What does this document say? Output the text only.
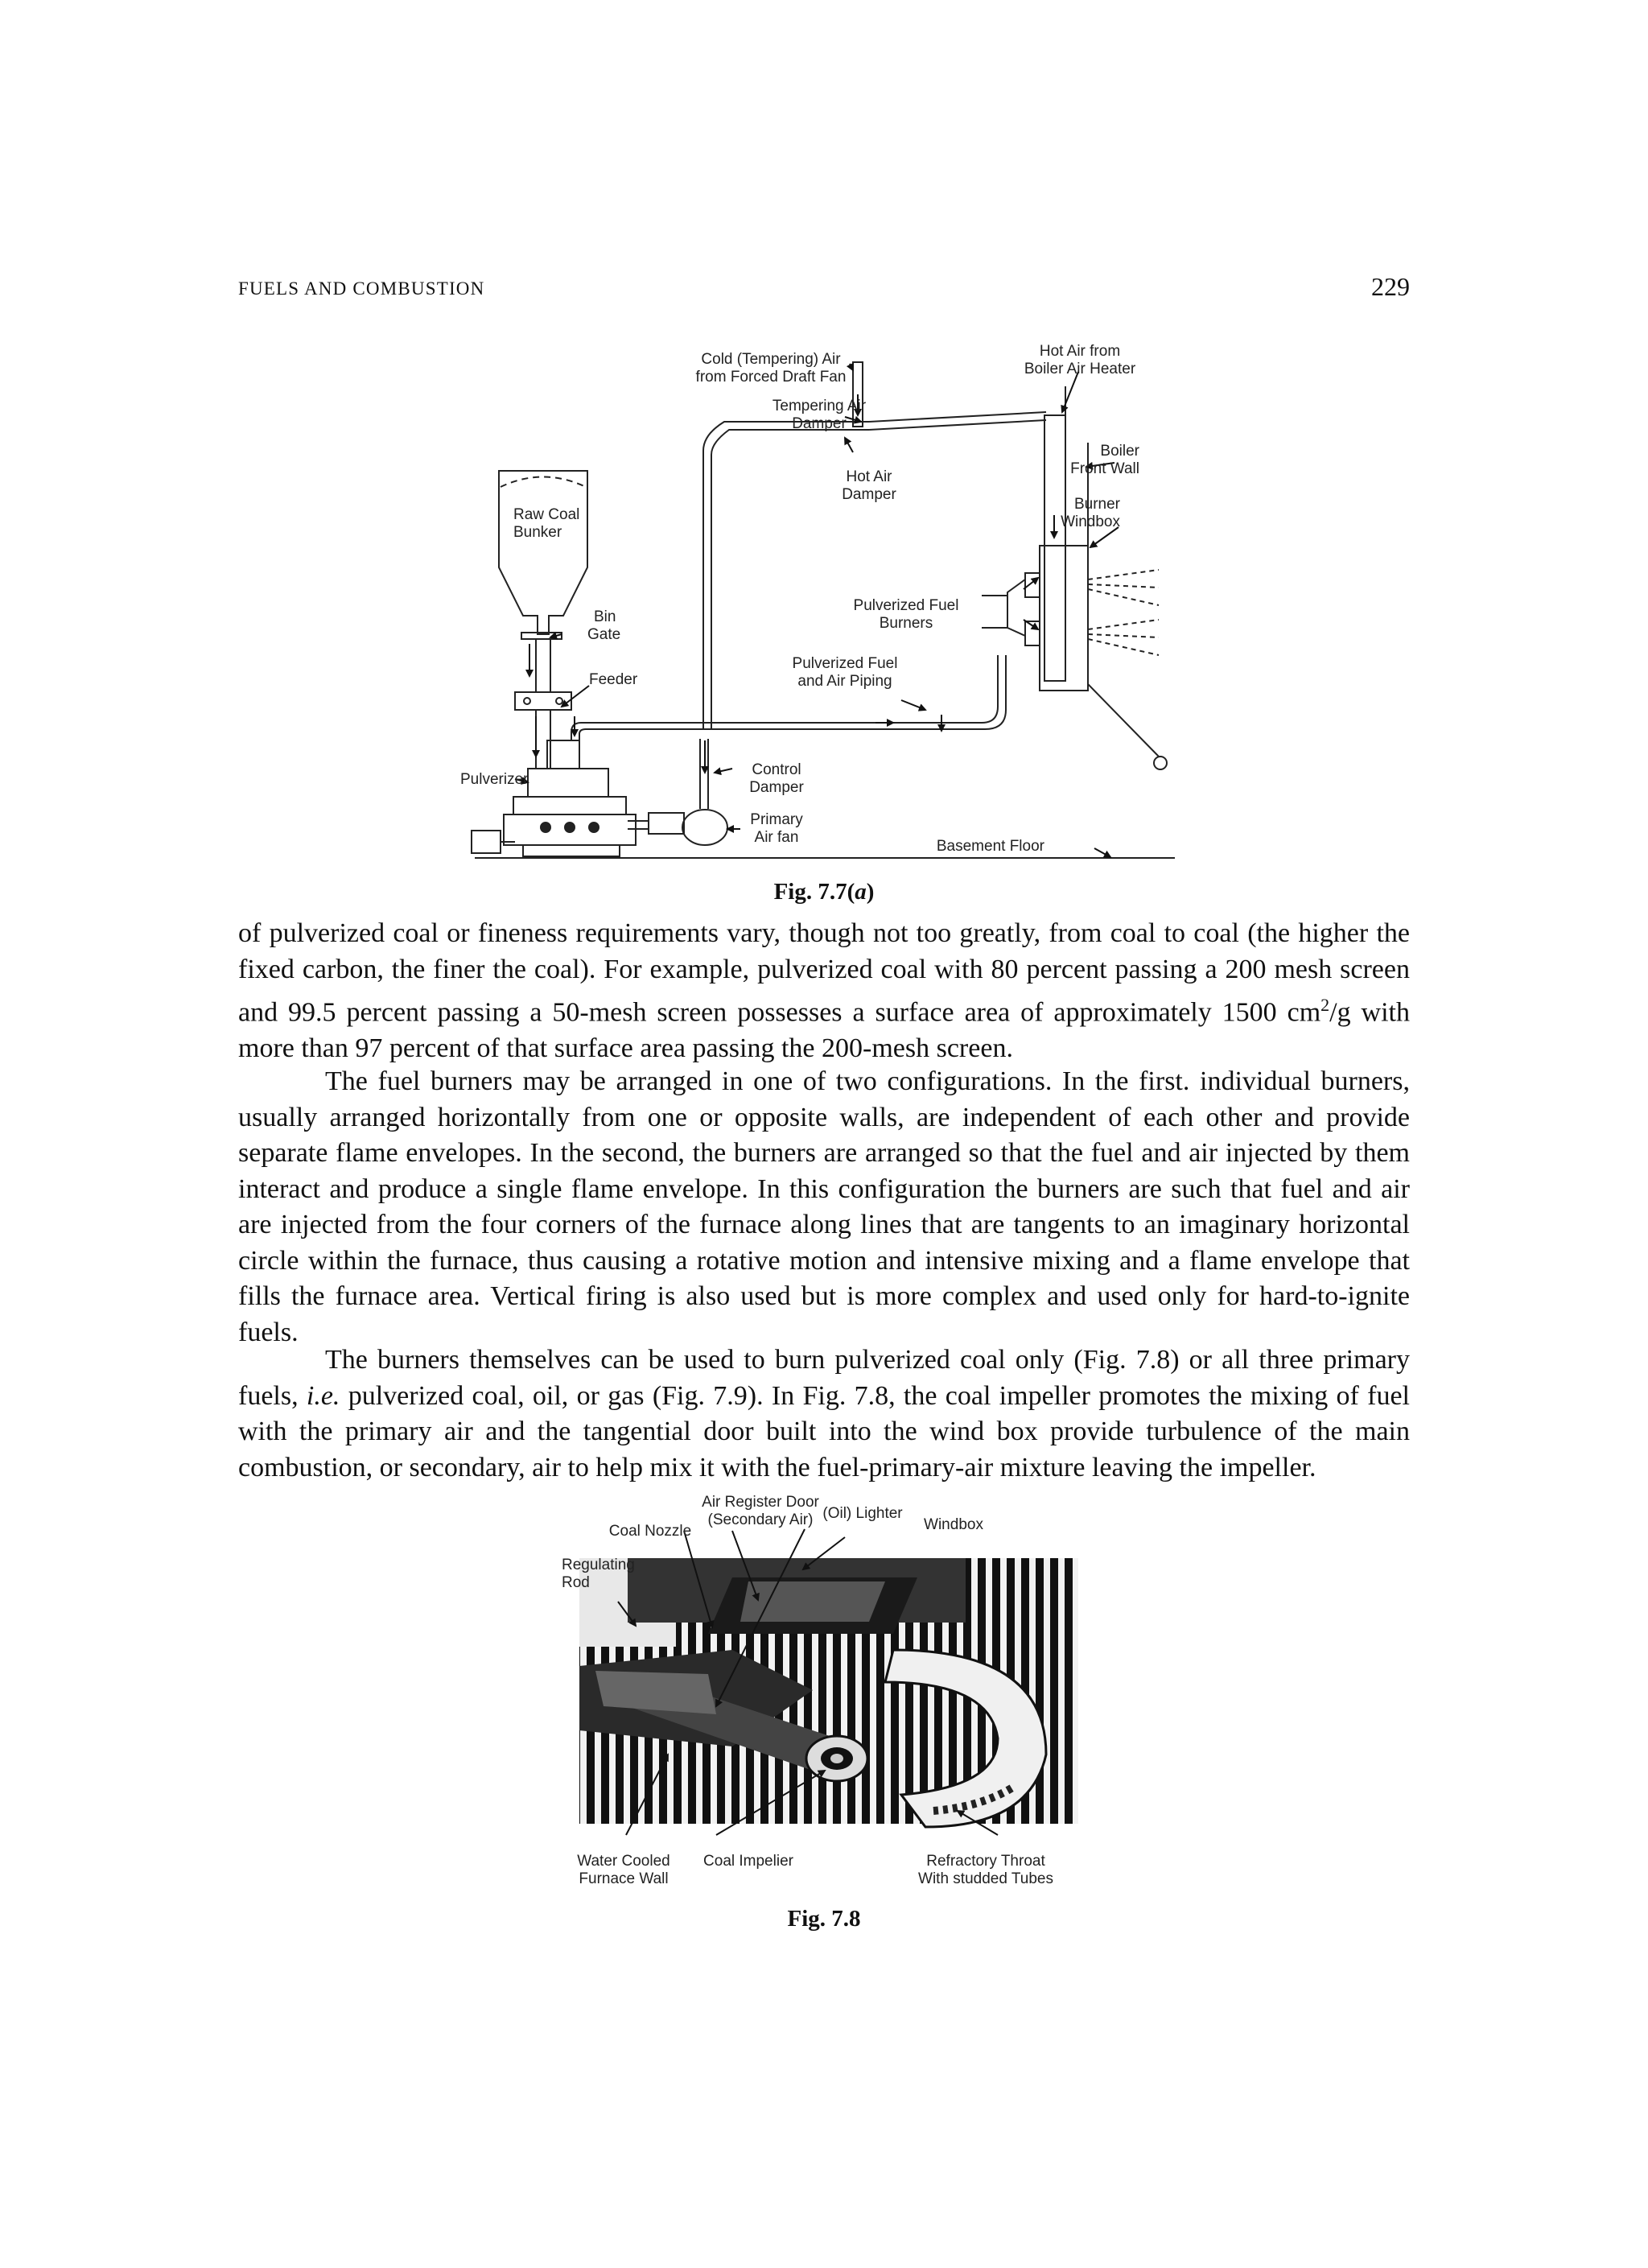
FUELS AND COMBUSTION	229
Cold (Tempering) Air from Forced Draft Fan
Hot Air from Boiler Air Heater
Tempering Air Damper
Boiler Front Wall
Hot Air Damper
Burner Windbox
Raw Coal Bunker
Pulverized Fuel Burners
Bin Gate
Pulverized Fuel and Air Piping
Feeder
Control Damper
Pulverizer
Primary Air fan
Basement Floor
Fig. 7.7(a)

of pulverized coal or fineness requirements vary, though not too greatly, from coal to coal (the higher the fixed carbon, the finer the coal). For example, pulverized coal with 80 percent passing a 200 mesh screen and 99.5 percent passing a 50-mesh screen possesses a surface area of approximately 1500 $cm^2/g$ with more than 97 percent of that surface area passing the 200-mesh screen.

The fuel burners may be arranged in one of two configurations. In the first. individual burners, usually arranged horizontally from one or opposite walls, are independent of each other and provide separate flame envelopes. In the second, the burners are arranged so that the fuel and air injected by them interact and produce a single flame envelope. In this configuration the burners are such that fuel and air are injected from the four corners of the furnace along lines that are tangents to an imaginary horizontal circle within the furnace, thus causing a rotative motion and intensive mixing and a flame envelope that fills the furnace area. Vertical firing is also used but is more complex and used only for hard-to-ignite fuels.

The burners themselves can be used to burn pulverized coal only (Fig. 7.8) or all three primary fuels, i.e. pulverized coal, oil, or gas (Fig. 7.9). In Fig. 7.8, the coal impeller promotes the mixing of fuel with the primary air and the tangential door built into the wind box provide turbulence of the main combustion, or secondary, air to help mix it with the fuel-primary-air mixture leaving the impeller.

Air Register Door (Secondary Air) (Oil) Lighter
Coal Nozzle	Windbox
Regulating Rod
Water Cooled Furnace Wall
Coal Impelier	Refractory Throat With studded Tubes
Fig. 7.8
